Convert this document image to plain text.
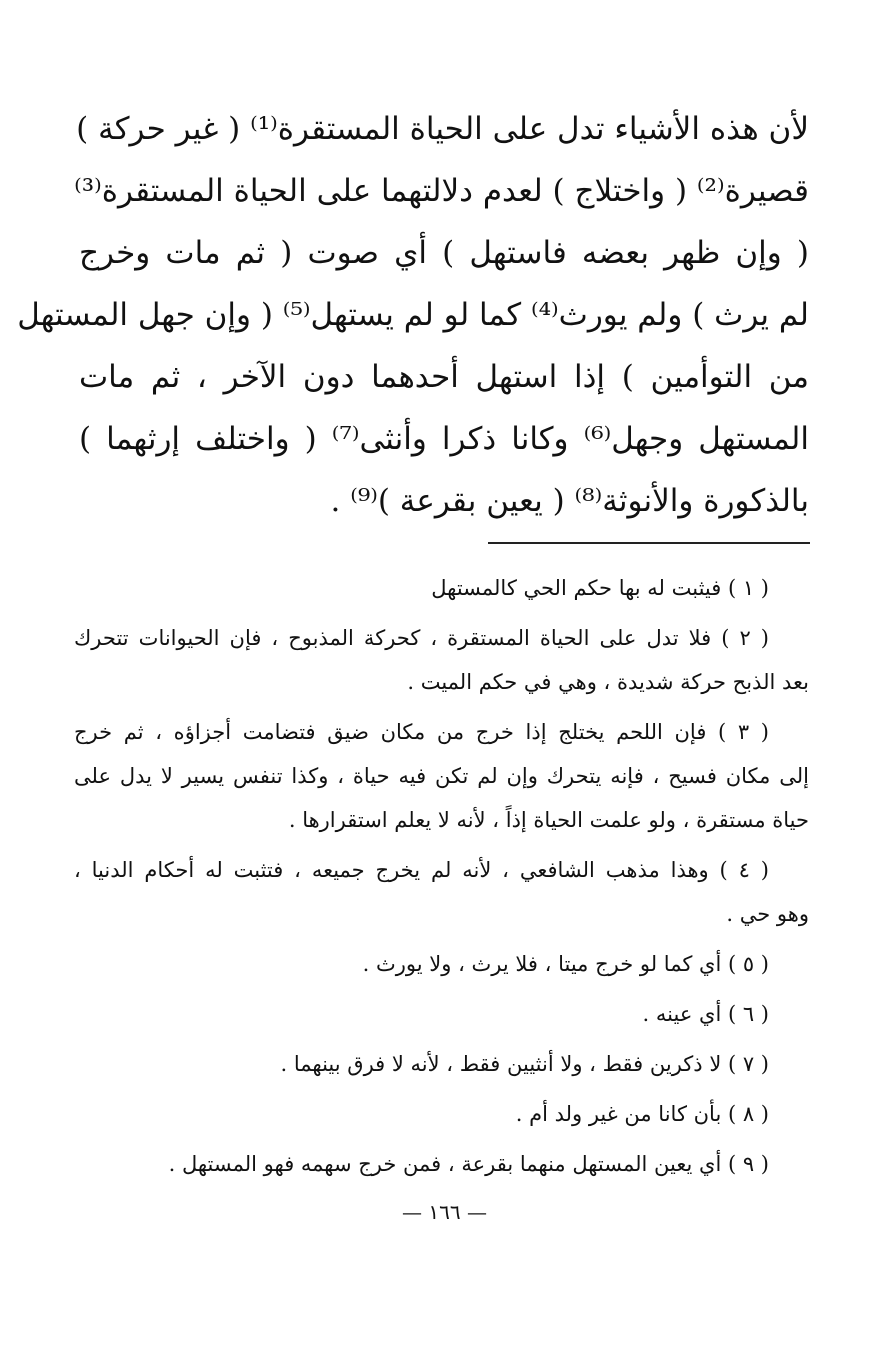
لأن هذه الأشياء تدل على الحياة المستقرة⁽¹⁾ ( غير حركة )
قصيرة⁽²⁾ ( واختلاج ) لعدم دلالتهما على الحياة المستقرة⁽³⁾
( وإن ظهر بعضه فاستهل ) أي صوت ( ثم مات وخرج
لم يرث ) ولم يورث⁽⁴⁾ كما لو لم يستهل⁽⁵⁾ ( وإن جهل المستهل
من التوأمين ) إذا استهل أحدهما دون الآخر ، ثم مات
المستهل وجهل⁽⁶⁾ وكانا ذكرا وأنثى⁽⁷⁾ ( واختلف إرثهما )
بالذكورة والأنوثة⁽⁸⁾ ( يعين بقرعة )⁽⁹⁾ .
( ١ ) فيثبت له بها حكم الحي كالمستهل
( ٢ ) فلا تدل على الحياة المستقرة ، كحركة المذبوح ، فإن الحيوانات تتحرك
بعد الذبح حركة شديدة ، وهي في حكم الميت .
( ٣ ) فإن اللحم يختلج إذا خرج من مكان ضيق فتضامت أجزاؤه ، ثم خرج
إلى مكان فسيح ، فإنه يتحرك وإن لم تكن فيه حياة ، وكذا تنفس يسير لا يدل على
حياة مستقرة ، ولو علمت الحياة إذاً ، لأنه لا يعلم استقرارها .
( ٤ ) وهذا مذهب الشافعي ، لأنه لم يخرج جميعه ، فتثبت له أحكام الدنيا ،
وهو حي .
( ٥ ) أي كما لو خرج ميتا ، فلا يرث ، ولا يورث .
( ٦ ) أي عينه .
( ٧ ) لا ذكرين فقط ، ولا أنثيين فقط ، لأنه لا فرق بينهما .
( ٨ ) بأن كانا من غير ولد أم .
( ٩ ) أي يعين المستهل منهما بقرعة ، فمن خرج سهمه فهو المستهل .
— ١٦٦ —
